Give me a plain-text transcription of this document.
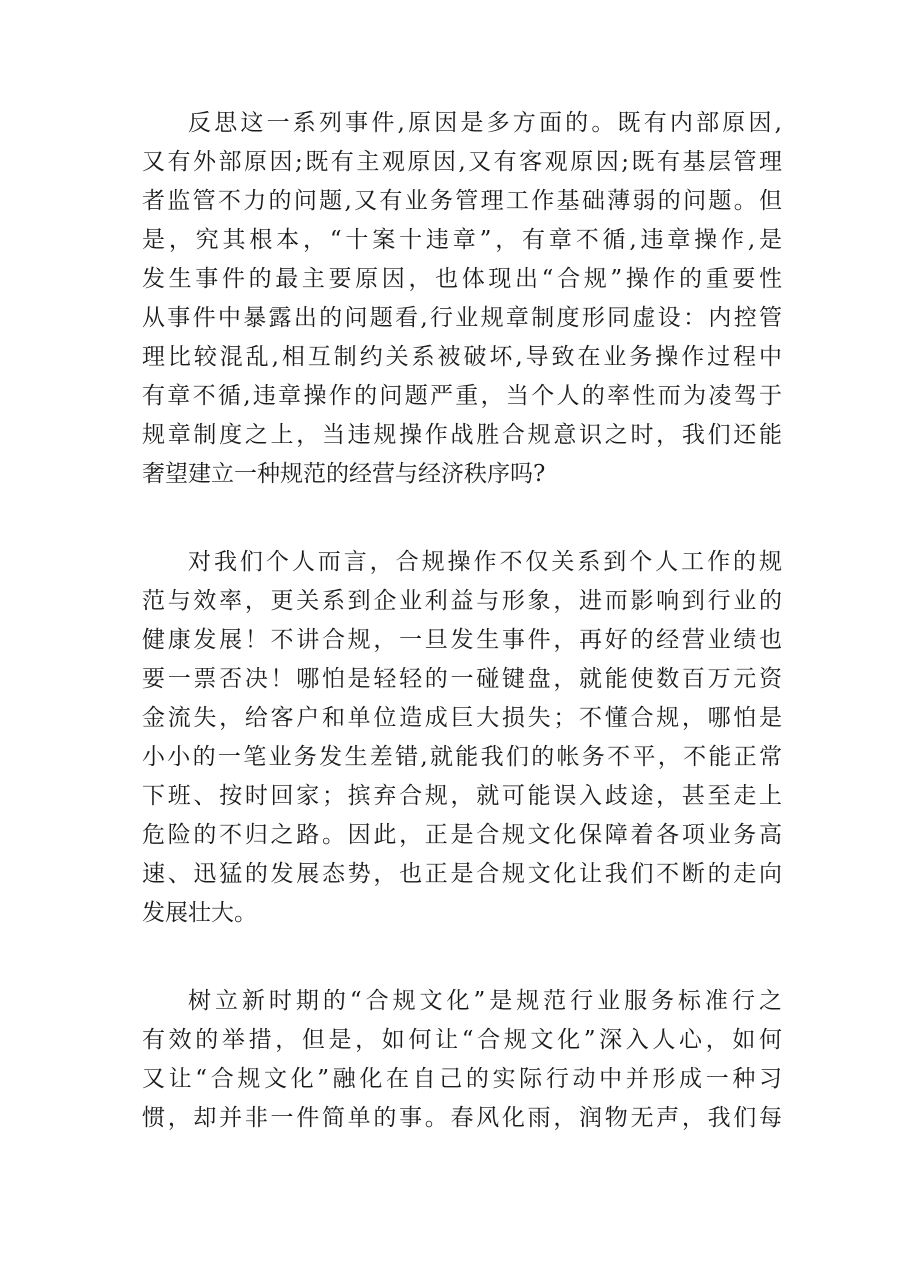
反思这一系列事件,原因是多方面的。既有内部原因,
又有外部原因;既有主观原因,又有客观原因;既有基层管理
者监管不力的问题,又有业务管理工作基础薄弱的问题。但
是，究其根本，“十案十违章”，有章不循,违章操作,是
发生事件的最主要原因，也体现出“合规”操作的重要性
从事件中暴露出的问题看,行业规章制度形同虚设：内控管
理比较混乱,相互制约关系被破坏,导致在业务操作过程中
有章不循,违章操作的问题严重，当个人的率性而为凌驾于
规章制度之上，当违规操作战胜合规意识之时，我们还能
奢望建立一种规范的经营与经济秩序吗?
对我们个人而言，合规操作不仅关系到个人工作的规
范与效率，更关系到企业利益与形象，进而影响到行业的
健康发展！不讲合规，一旦发生事件，再好的经营业绩也
要一票否决！哪怕是轻轻的一碰键盘，就能使数百万元资
金流失，给客户和单位造成巨大损失；不懂合规，哪怕是
小小的一笔业务发生差错,就能我们的帐务不平，不能正常
下班、按时回家；摈弃合规，就可能误入歧途，甚至走上
危险的不归之路。因此，正是合规文化保障着各项业务高
速、迅猛的发展态势，也正是合规文化让我们不断的走向
发展壮大。
树立新时期的“合规文化”是规范行业服务标准行之
有效的举措，但是，如何让“合规文化”深入人心，如何
又让“合规文化”融化在自己的实际行动中并形成一种习
惯，却并非一件简单的事。春风化雨，润物无声，我们每
